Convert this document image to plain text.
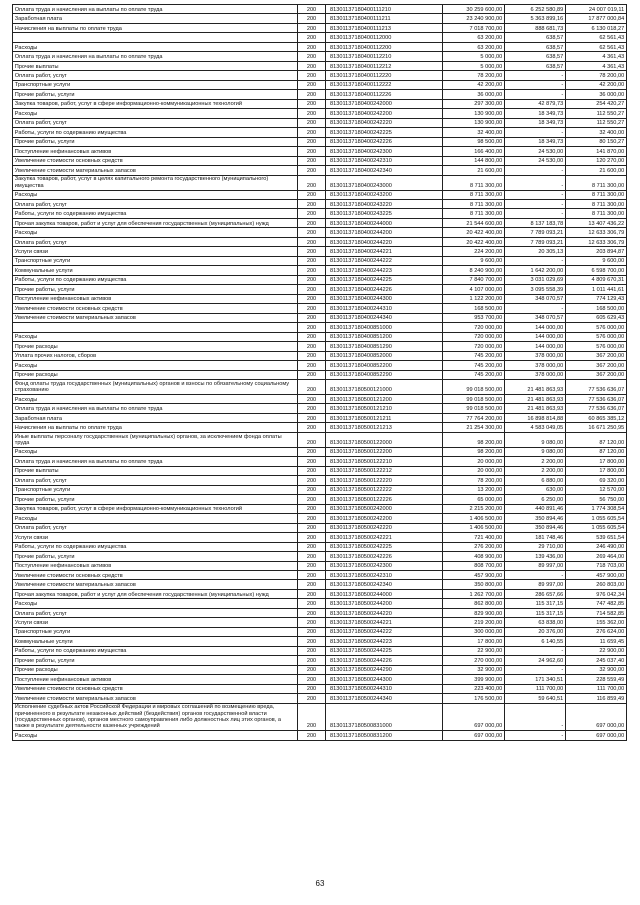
Оплата труда и начисления на выплаты по оплате труда	200	81301137180400111210	30 259 600,00	6 252 580,89	24 007 019,11
Заработная плата	200	81301137180400111211	23 240 900,00	5 363 899,16	17 877 000,84
Начисления на выплаты по оплате труда	200	81301137180400111213	7 018 700,00	888 681,73	6 130 018,27
	200	81301137180400112000	63 200,00	638,57	62 561,43
Расходы	200	81301137180400112200	63 200,00	638,57	62 561,43
Оплата труда и начисления на выплаты по оплате труда	200	81301137180400112210	5 000,00	638,57	4 361,43
Прочие выплаты	200	81301137180400112212	5 000,00	638,57	4 361,43
Оплата работ, услуг	200	81301137180400112220	78 200,00	-	78 200,00
Транспортные услуги	200	81301137180400112222	42 200,00	-	42 200,00
Прочие работы, услуги	200	81301137180400112226	36 000,00	-	36 000,00
Закупка товаров, работ, услуг в сфере информационно-коммуникационных технологий	200	81301137180400242000	297 300,00	42 879,73	254 420,27
Расходы	200	81301137180400242200	130 900,00	18 349,73	112 550,27
Оплата работ, услуг	200	81301137180400242220	130 900,00	18 349,73	112 550,27
Работы, услуги по содержанию имущества	200	81301137180400242225	32 400,00	-	32 400,00
Прочие работы, услуги	200	81301137180400242226	98 500,00	18 349,73	80 150,27
Поступление нефинансовых активов	200	81301137180400242300	166 400,00	24 530,00	141 870,00
Увеличение стоимости основных средств	200	81301137180400242310	144 800,00	24 530,00	120 270,00
Увеличение стоимости материальных запасов	200	81301137180400242340	21 600,00	-	21 600,00
Закупка товаров, работ, услуг в целях капитального ремонта государственного (муниципального) имущества	200	81301137180400243000	8 711 300,00	-	8 711 300,00
Расходы	200	81301137180400243200	8 711 300,00	-	8 711 300,00
Оплата работ, услуг	200	81301137180400243220	8 711 300,00	-	8 711 300,00
Работы, услуги по содержанию имущества	200	81301137180400243225	8 711 300,00	-	8 711 300,00
Прочая закупка товаров, работ и услуг для обеспечения государственных (муниципальных) нужд	200	81301137180400244000	21 544 600,00	8 137 183,78	13 407 436,22
Расходы	200	81301137180400244200	20 422 400,00	7 789 093,21	12 633 306,79
Оплата работ, услуг	200	81301137180400244220	20 422 400,00	7 789 093,21	12 633 306,79
Услуги связи	200	81301137180400244221	224 200,00	20 305,13	203 894,87
Транспортные услуги	200	81301137180400244222	9 600,00	-	9 600,00
Коммунальные услуги	200	81301137180400244223	8 240 900,00	1 642 200,00	6 598 700,00
Работы, услуги по содержанию имущества	200	81301137180400244225	7 840 700,00	3 031 029,69	4 809 670,31
Прочие работы, услуги	200	81301137180400244226	4 107 000,00	3 095 558,39	1 011 441,61
Поступление нефинансовых активов	200	81301137180400244300	1 122 200,00	348 070,57	774 129,43
Увеличение стоимости основных средств	200	81301137180400244310	168 500,00	-	168 500,00
Увеличение стоимости материальных запасов	200	81301137180400244340	953 700,00	348 070,57	605 629,43
	200	81301137180400851000	720 000,00	144 000,00	576 000,00
Расходы	200	81301137180400851200	720 000,00	144 000,00	576 000,00
Прочие расходы	200	81301137180400851290	720 000,00	144 000,00	576 000,00
Уплата прочих налогов, сборов	200	81301137180400852000	745 200,00	378 000,00	367 200,00
Расходы	200	81301137180400852200	745 200,00	378 000,00	367 200,00
Прочие расходы	200	81301137180400852290	745 200,00	378 000,00	367 200,00
Фонд оплаты труда государственных (муниципальных) органов и взносы по обязательному социальному страхованию	200	81301137180500121000	99 018 500,00	21 481 863,93	77 536 636,07
Расходы	200	81301137180500121200	99 018 500,00	21 481 863,93	77 536 636,07
Оплата труда и начисления на выплаты по оплате труда	200	81301137180500121210	99 018 500,00	21 481 863,93	77 536 636,07
Заработная плата	200	81301137180500121211	77 764 200,00	16 898 814,88	60 865 385,12
Начисления на выплаты по оплате труда	200	81301137180500121213	21 254 300,00	4 583 049,05	16 671 250,95
Иные выплаты персоналу государственных (муниципальных) органов, за исключением фонда оплаты труда	200	81301137180500122000	98 200,00	9 080,00	87 120,00
Расходы	200	81301137180500122200	98 200,00	9 080,00	87 120,00
Оплата труда и начисления на выплаты по оплате труда	200	81301137180500122210	20 000,00	2 200,00	17 800,00
Прочие выплаты	200	81301137180500122212	20 000,00	2 200,00	17 800,00
Оплата работ, услуг	200	81301137180500122220	78 200,00	6 880,00	69 320,00
Транспортные услуги	200	81301137180500122222	13 200,00	630,00	12 570,00
Прочие работы, услуги	200	81301137180500122226	65 000,00	6 250,00	56 750,00
Закупка товаров, работ, услуг в сфере информационно-коммуникационных технологий	200	81301137180500242000	2 215 200,00	440 891,46	1 774 308,54
Расходы	200	81301137180500242200	1 406 500,00	350 894,46	1 055 605,54
Оплата работ, услуг	200	81301137180500242220	1 406 500,00	350 894,46	1 055 605,54
Услуги связи	200	81301137180500242221	721 400,00	181 748,46	539 651,54
Работы, услуги по содержанию имущества	200	81301137180500242225	276 200,00	29 710,00	246 490,00
Прочие работы, услуги	200	81301137180500242226	408 900,00	139 436,00	269 464,00
Поступление нефинансовых активов	200	81301137180500242300	808 700,00	89 997,00	718 703,00
Увеличение стоимости основных средств	200	81301137180500242310	457 900,00	-	457 900,00
Увеличение стоимости материальных запасов	200	81301137180500242340	350 800,00	89 997,00	260 803,00
Прочая закупка товаров, работ и услуг для обеспечения государственных (муниципальных) нужд	200	81301137180500244000	1 262 700,00	286 657,66	976 042,34
Расходы	200	81301137180500244200	862 800,00	115 317,15	747 482,85
Оплата работ, услуг	200	81301137180500244220	829 900,00	115 317,15	714 582,85
Услуги связи	200	81301137180500244221	219 200,00	63 838,00	155 362,00
Транспортные услуги	200	81301137180500244222	300 000,00	20 376,00	276 624,00
Коммунальные услуги	200	81301137180500244223	17 800,00	6 140,55	11 659,45
Работы, услуги по содержанию имущества	200	81301137180500244225	22 900,00	-	22 900,00
Прочие работы, услуги	200	81301137180500244226	270 000,00	24 962,60	245 037,40
Прочие расходы	200	81301137180500244290	32 900,00	-	32 900,00
Поступление нефинансовых активов	200	81301137180500244300	399 900,00	171 340,51	228 559,49
Увеличение стоимости основных средств	200	81301137180500244310	223 400,00	111 700,00	111 700,00
Увеличение стоимости материальных запасов	200	81301137180500244340	176 500,00	59 640,51	116 859,49
Исполнение судебных актов Российской Федерации и мировых соглашений по возмещению вреда, причиненного в результате незаконных действий (бездействия) органов государственной власти (государственных органов), органов местного самоуправления либо должностных лиц этих органов, а также в результате деятельности казенных учреждений	200	81301137180500831000	697 000,00	-	697 000,00
Расходы	200	81301137180500831200	697 000,00	-	697 000,00
63
